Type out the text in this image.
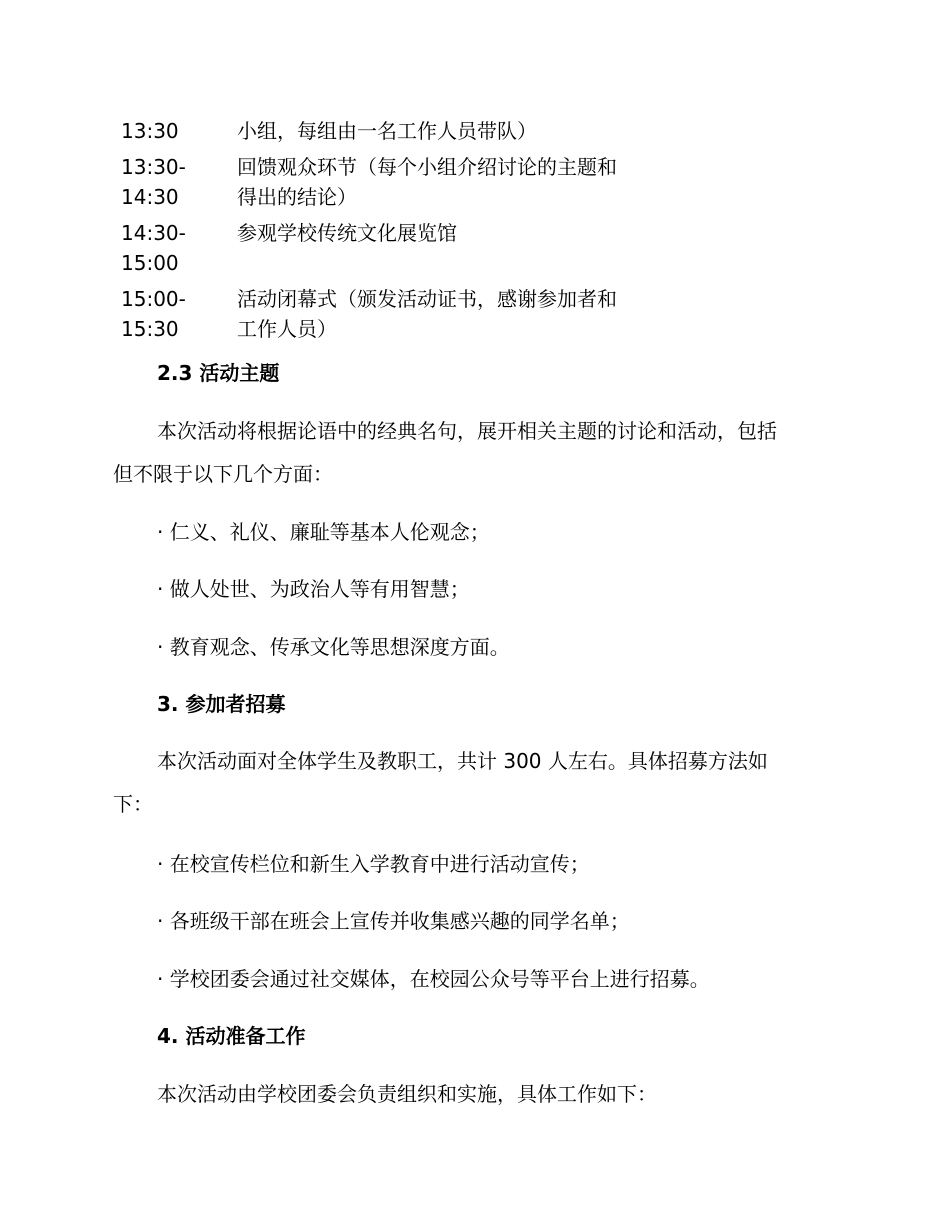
13:30	小组，每组由一名工作人员带队）
13:30-
14:30
回馈观众环节（每个小组介绍讨论的主题和
得出的结论）
14:30-
15:00
参观学校传统文化展览馆
15:00-
15:30
活动闭幕式（颁发活动证书，感谢参加者和
工作人员）
2.3 活动主题
本次活动将根据论语中的经典名句，展开相关主题的讨论和活动，包括
但不限于以下几个方面：
· 仁义、礼仪、廉耻等基本人伦观念；
· 做人处世、为政治人等有用智慧；
· 教育观念、传承文化等思想深度方面。
3. 参加者招募
本次活动面对全体学生及教职工，共计 300 人左右。具体招募方法如
下：
· 在校宣传栏位和新生入学教育中进行活动宣传；
· 各班级干部在班会上宣传并收集感兴趣的同学名单；
· 学校团委会通过社交媒体，在校园公众号等平台上进行招募。
4. 活动准备工作
本次活动由学校团委会负责组织和实施，具体工作如下：
